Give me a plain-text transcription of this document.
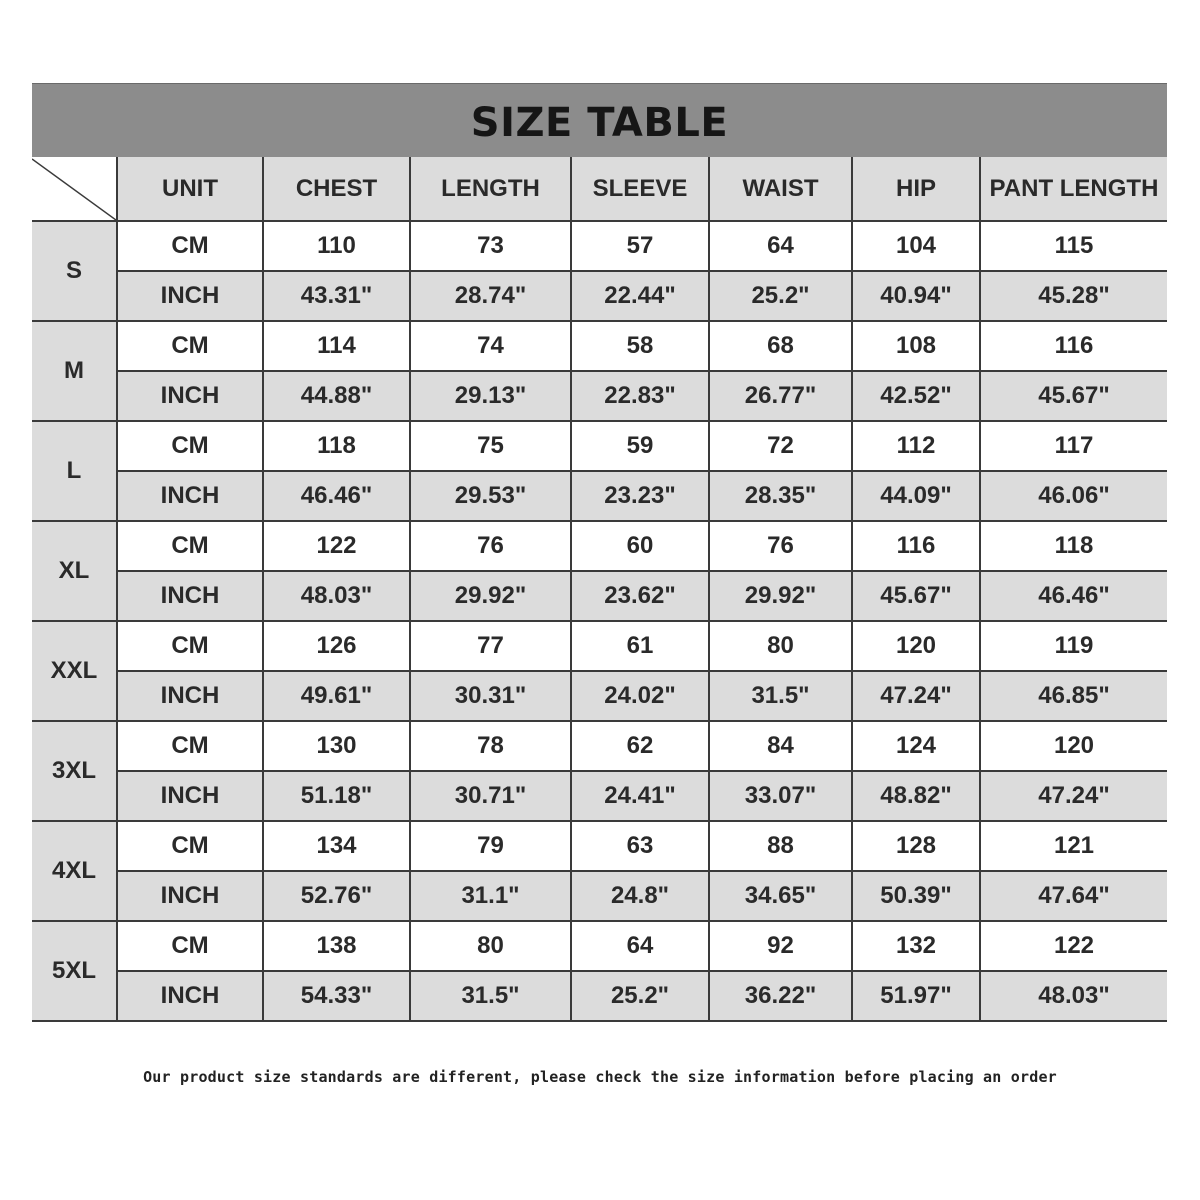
SIZE TABLE
	UNIT	CHEST	LENGTH	SLEEVE	WAIST	HIP	PANT LENGTH
S	CM	110	73	57	64	104	115
	INCH	43.31"	28.74"	22.44"	25.2"	40.94"	45.28"
M	CM	114	74	58	68	108	116
	INCH	44.88"	29.13"	22.83"	26.77"	42.52"	45.67"
L	CM	118	75	59	72	112	117
	INCH	46.46"	29.53"	23.23"	28.35"	44.09"	46.06"
XL	CM	122	76	60	76	116	118
	INCH	48.03"	29.92"	23.62"	29.92"	45.67"	46.46"
XXL	CM	126	77	61	80	120	119
	INCH	49.61"	30.31"	24.02"	31.5"	47.24"	46.85"
3XL	CM	130	78	62	84	124	120
	INCH	51.18"	30.71"	24.41"	33.07"	48.82"	47.24"
4XL	CM	134	79	63	88	128	121
	INCH	52.76"	31.1"	24.8"	34.65"	50.39"	47.64"
5XL	CM	138	80	64	92	132	122
	INCH	54.33"	31.5"	25.2"	36.22"	51.97"	48.03"
Our product size standards are different, please check the size information before placing an order
